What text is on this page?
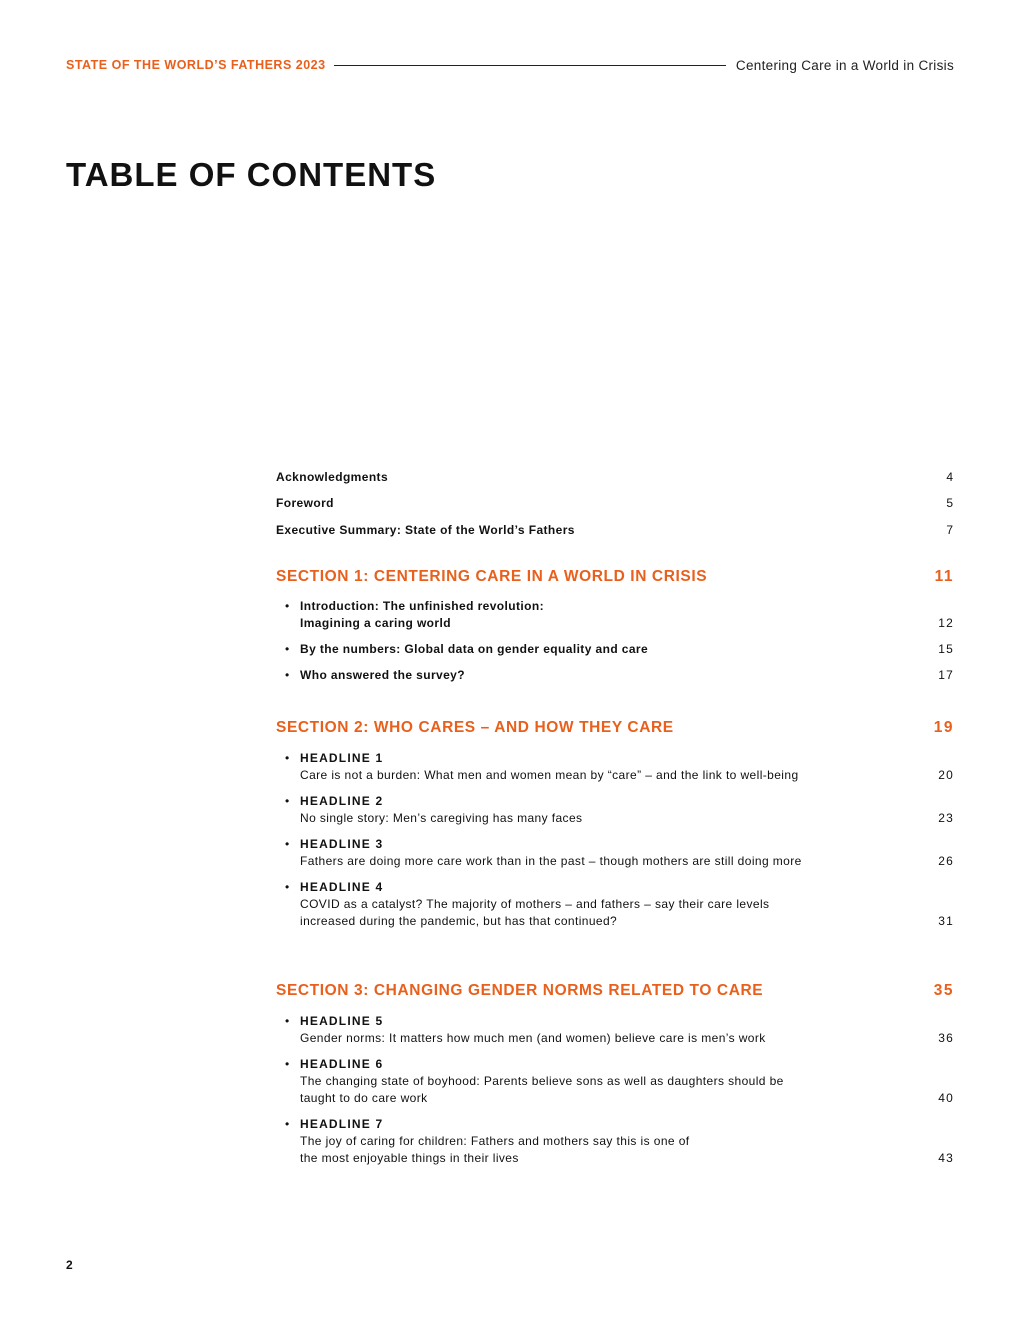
STATE OF THE WORLD’S FATHERS 2023	Centering Care in a World in Crisis
TABLE OF CONTENTS
Acknowledgments	4
Foreword	5
Executive Summary: State of the World’s Fathers	7
SECTION 1: CENTERING CARE IN A WORLD IN CRISIS	11
• Introduction: The unfinished revolution:
Imagining a caring world	12
• By the numbers: Global data on gender equality and care	15
• Who answered the survey?	17
SECTION 2: WHO CARES – AND HOW THEY CARE	19
• HEADLINE 1
Care is not a burden: What men and women mean by “care” – and the link to well-being	20
• HEADLINE 2
No single story: Men’s caregiving has many faces	23
• HEADLINE 3
Fathers are doing more care work than in the past – though mothers are still doing more	26
• HEADLINE 4
COVID as a catalyst? The majority of mothers – and fathers – say their care levels
increased during the pandemic, but has that continued?	31
SECTION 3: CHANGING GENDER NORMS RELATED TO CARE	35
• HEADLINE 5
Gender norms: It matters how much men (and women) believe care is men’s work	36
• HEADLINE 6
The changing state of boyhood: Parents believe sons as well as daughters should be
taught to do care work	40
• HEADLINE 7
The joy of caring for children: Fathers and mothers say this is one of
the most enjoyable things in their lives	43
2
